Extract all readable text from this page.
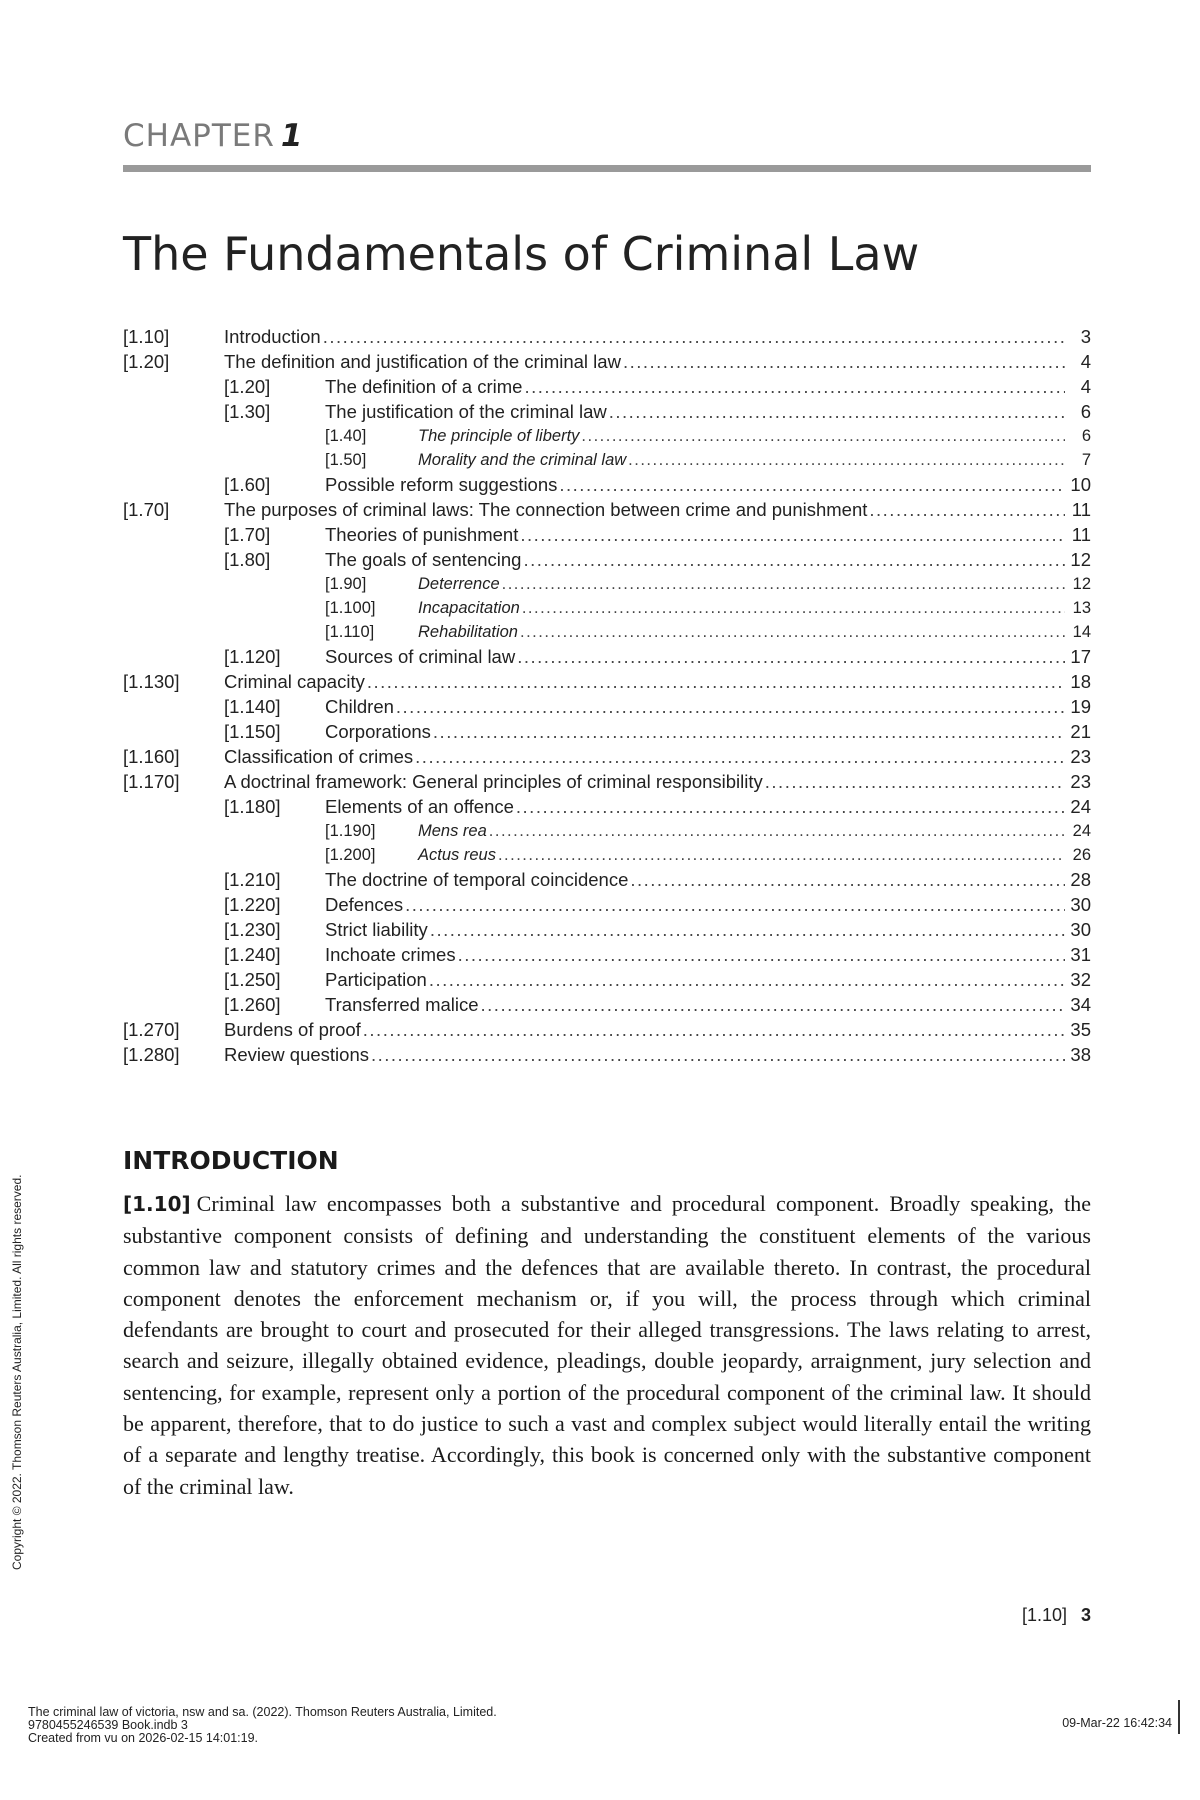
CHAPTER 1
The Fundamentals of Criminal Law
[1.10]	Introduction .....	3
[1.20]	The definition and justification of the criminal law .....	4
[1.20]	The definition of a crime .....	4
[1.30]	The justification of the criminal law .....	6
[1.40]	The principle of liberty .....	6
[1.50]	Morality and the criminal law .....	7
[1.60]	Possible reform suggestions .....	10
[1.70]	The purposes of criminal laws: The connection between crime and punishment .....	11
[1.70]	Theories of punishment .....	11
[1.80]	The goals of sentencing .....	12
[1.90]	Deterrence .....	12
[1.100]	Incapacitation .....	13
[1.110]	Rehabilitation .....	14
[1.120] Sources of criminal law .....	17
[1.130] Criminal capacity .....	18
[1.140] Children .....	19
[1.150] Corporations .....	21
[1.160] Classification of crimes .....	23
[1.170] A doctrinal framework: General principles of criminal responsibility .....	23
[1.180] Elements of an offence .....	24
[1.190]	Mens rea .....	24
[1.200]	Actus reus .....	26
[1.210] The doctrine of temporal coincidence .....	28
[1.220] Defences .....	30
[1.230] Strict liability .....	30
[1.240] Inchoate crimes .....	31
[1.250] Participation .....	32
[1.260] Transferred malice .....	34
[1.270] Burdens of proof .....	35
[1.280] Review questions .....	38
INTRODUCTION
[1.10] Criminal law encompasses both a substantive and procedural component. Broadly speaking, the substantive component consists of defining and understanding the constituent elements of the various common law and statutory crimes and the defences that are available thereto. In contrast, the procedural component denotes the enforcement mechanism or, if you will, the process through which criminal defendants are brought to court and prosecuted for their alleged transgressions. The laws relating to arrest, search and seizure, illegally obtained evidence, pleadings, double jeopardy, arraignment, jury selection and sentencing, for example, represent only a portion of the procedural component of the criminal law. It should be apparent, therefore, that to do justice to such a vast and complex subject would literally entail the writing of a separate and lengthy treatise. Accordingly, this book is concerned only with the substantive component of the criminal law.
[1.10] 3
Copyright © 2022. Thomson Reuters Australia, Limited. All rights reserved.
The criminal law of victoria, nsw and sa. (2022). Thomson Reuters Australia, Limited.
9780455246539 Book.indb 3
Created from vu on 2026-02-15 14:01:19.
09-Mar-22 16:42:34
